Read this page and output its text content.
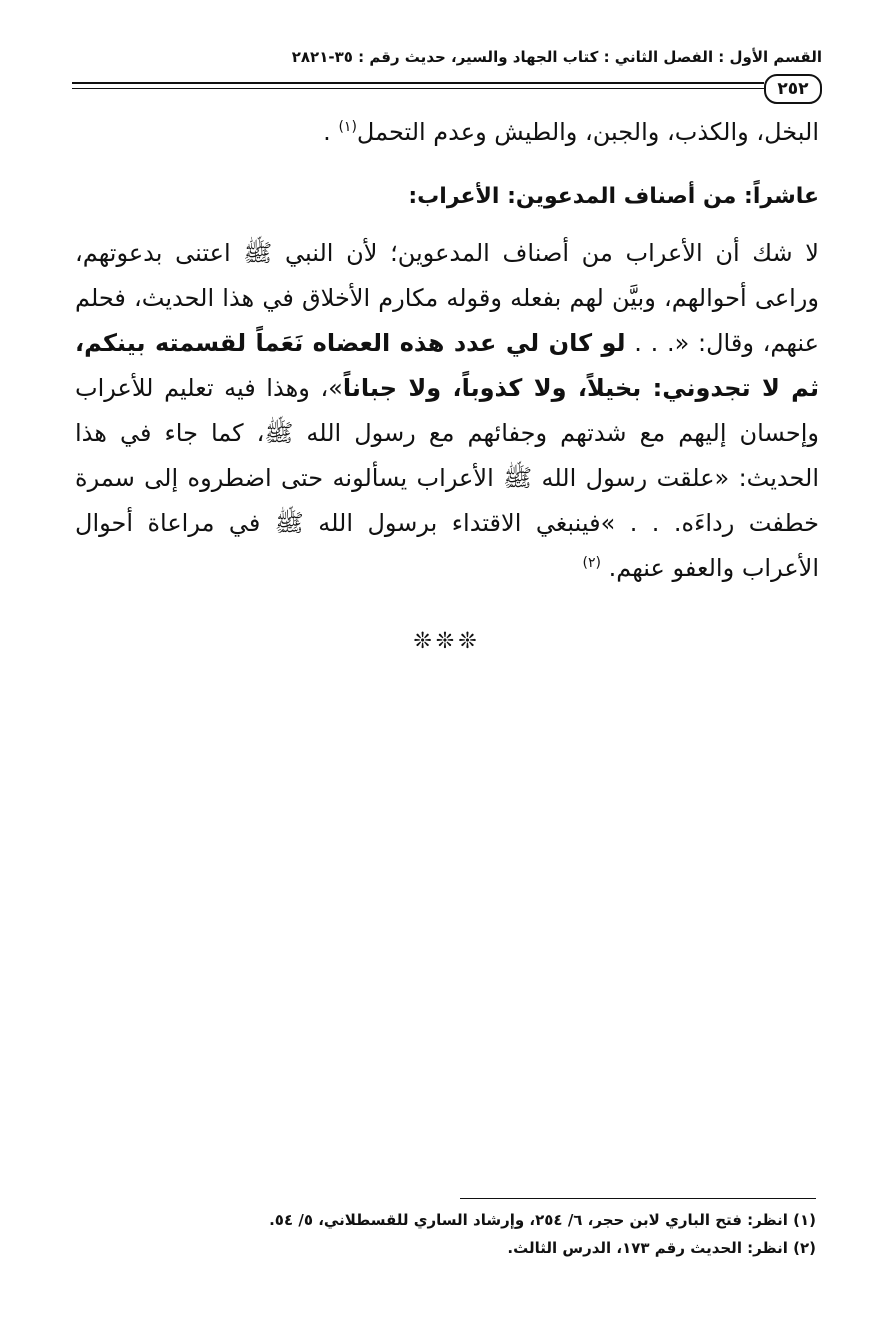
القسم الأول : الفصل الثاني : كتاب الجهاد والسير، حديث رقم : ٣٥-٢٨٢١
٢٥٢

البخل، والكذب، والجبن، والطيش وعدم التحمل$^{(١)}$ .

عاشراً: من أصناف المدعوين: الأعراب:

لا شك أن الأعراب من أصناف المدعوين؛ لأن النبي ﷺ اعتنى بدعوتهم، وراعى أحوالهم، وبيَّن لهم بفعله وقوله مكارم الأخلاق في هذا الحديث، فحلم عنهم، وقال: «. . . لو كان لي عدد هذه العضاه نَعَماً لقسمته بينكم، ثم لا تجدوني: بخيلاً، ولا كذوباً، ولا جباناً»، وهذا فيه تعليم للأعراب وإحسان إليهم مع شدتهم وجفائهم مع رسول الله ﷺ، كما جاء في هذا الحديث: «علقت رسول الله ﷺ الأعراب يسألونه حتى اضطروه إلى سمرة خطفت رداءَه. . . »فينبغي الاقتداء برسول الله ﷺ في مراعاة أحوال الأعراب والعفو عنهم. $^{(٢)}$

❊❊❊

(١) انظر: فتح الباري لابن حجر، ٦/ ٢٥٤، وإرشاد الساري للقسطلاني، ٥/ ٥٤.

(٢) انظر: الحديث رقم ١٧٣، الدرس الثالث.
